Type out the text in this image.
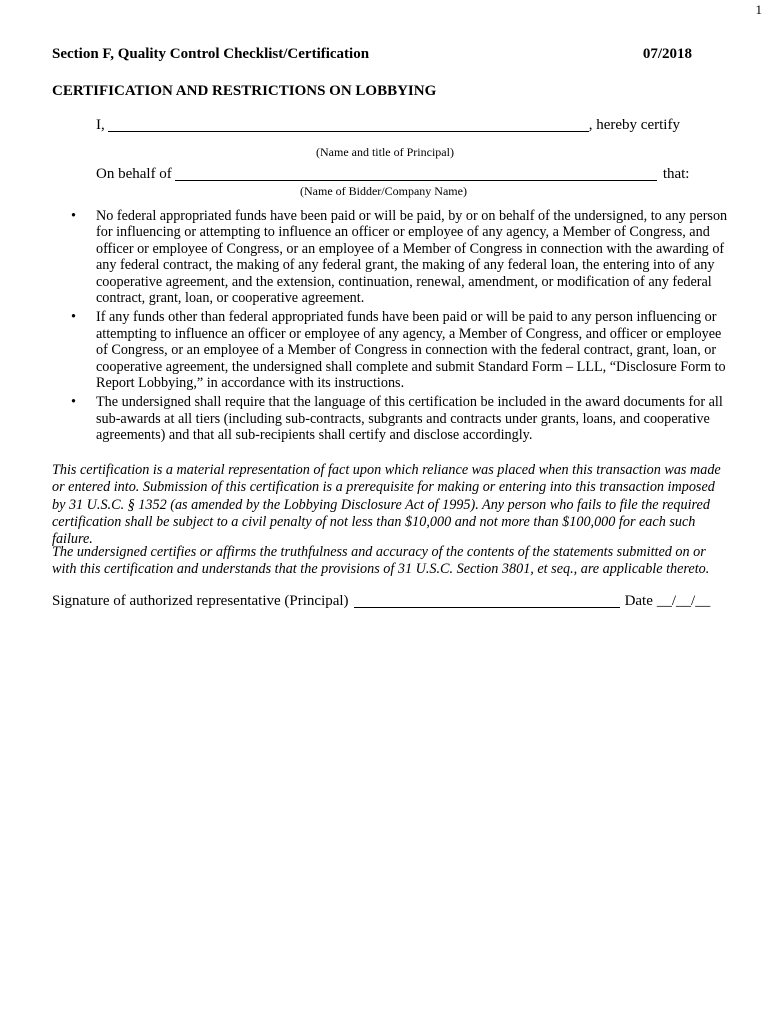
1
Section F, Quality Control Checklist/Certification	07/2018
CERTIFICATION AND RESTRICTIONS ON LOBBYING
I,	, hereby certify
(Name and title of Principal)
On behalf of	that:
(Name of Bidder/Company Name)
• No federal appropriated funds have been paid or will be paid, by or on behalf of the undersigned, to any person for influencing or attempting to influence an officer or employee of any agency, a Member of Congress, and officer or employee of Congress, or an employee of a Member of Congress in connection with the awarding of any federal contract, the making of any federal grant, the making of any federal loan, the entering into of any cooperative agreement, and the extension, continuation, renewal, amendment, or modification of any federal contract, grant, loan, or cooperative agreement.
• If any funds other than federal appropriated funds have been paid or will be paid to any person influencing or attempting to influence an officer or employee of any agency, a Member of Congress, and officer or employee of Congress, or an employee of a Member of Congress in connection with the federal contract, grant, loan, or cooperative agreement, the undersigned shall complete and submit Standard Form – LLL, “Disclosure Form to Report Lobbying,” in accordance with its instructions.
• The undersigned shall require that the language of this certification be included in the award documents for all sub-awards at all tiers (including sub-contracts, subgrants and contracts under grants, loans, and cooperative agreements) and that all sub-recipients shall certify and disclose accordingly.

This certification is a material representation of fact upon which reliance was placed when this transaction was made or entered into. Submission of this certification is a prerequisite for making or entering into this transaction imposed by 31 U.S.C. § 1352 (as amended by the Lobbying Disclosure Act of 1995). Any person who fails to file the required certification shall be subject to a civil penalty of not less than $10,000 and not more than $100,000 for each such failure.

The undersigned certifies or affirms the truthfulness and accuracy of the contents of the statements submitted on or with this certification and understands that the provisions of 31 U.S.C. Section 3801, et seq., are applicable thereto.

Signature of authorized representative (Principal)	Date __/__/__
